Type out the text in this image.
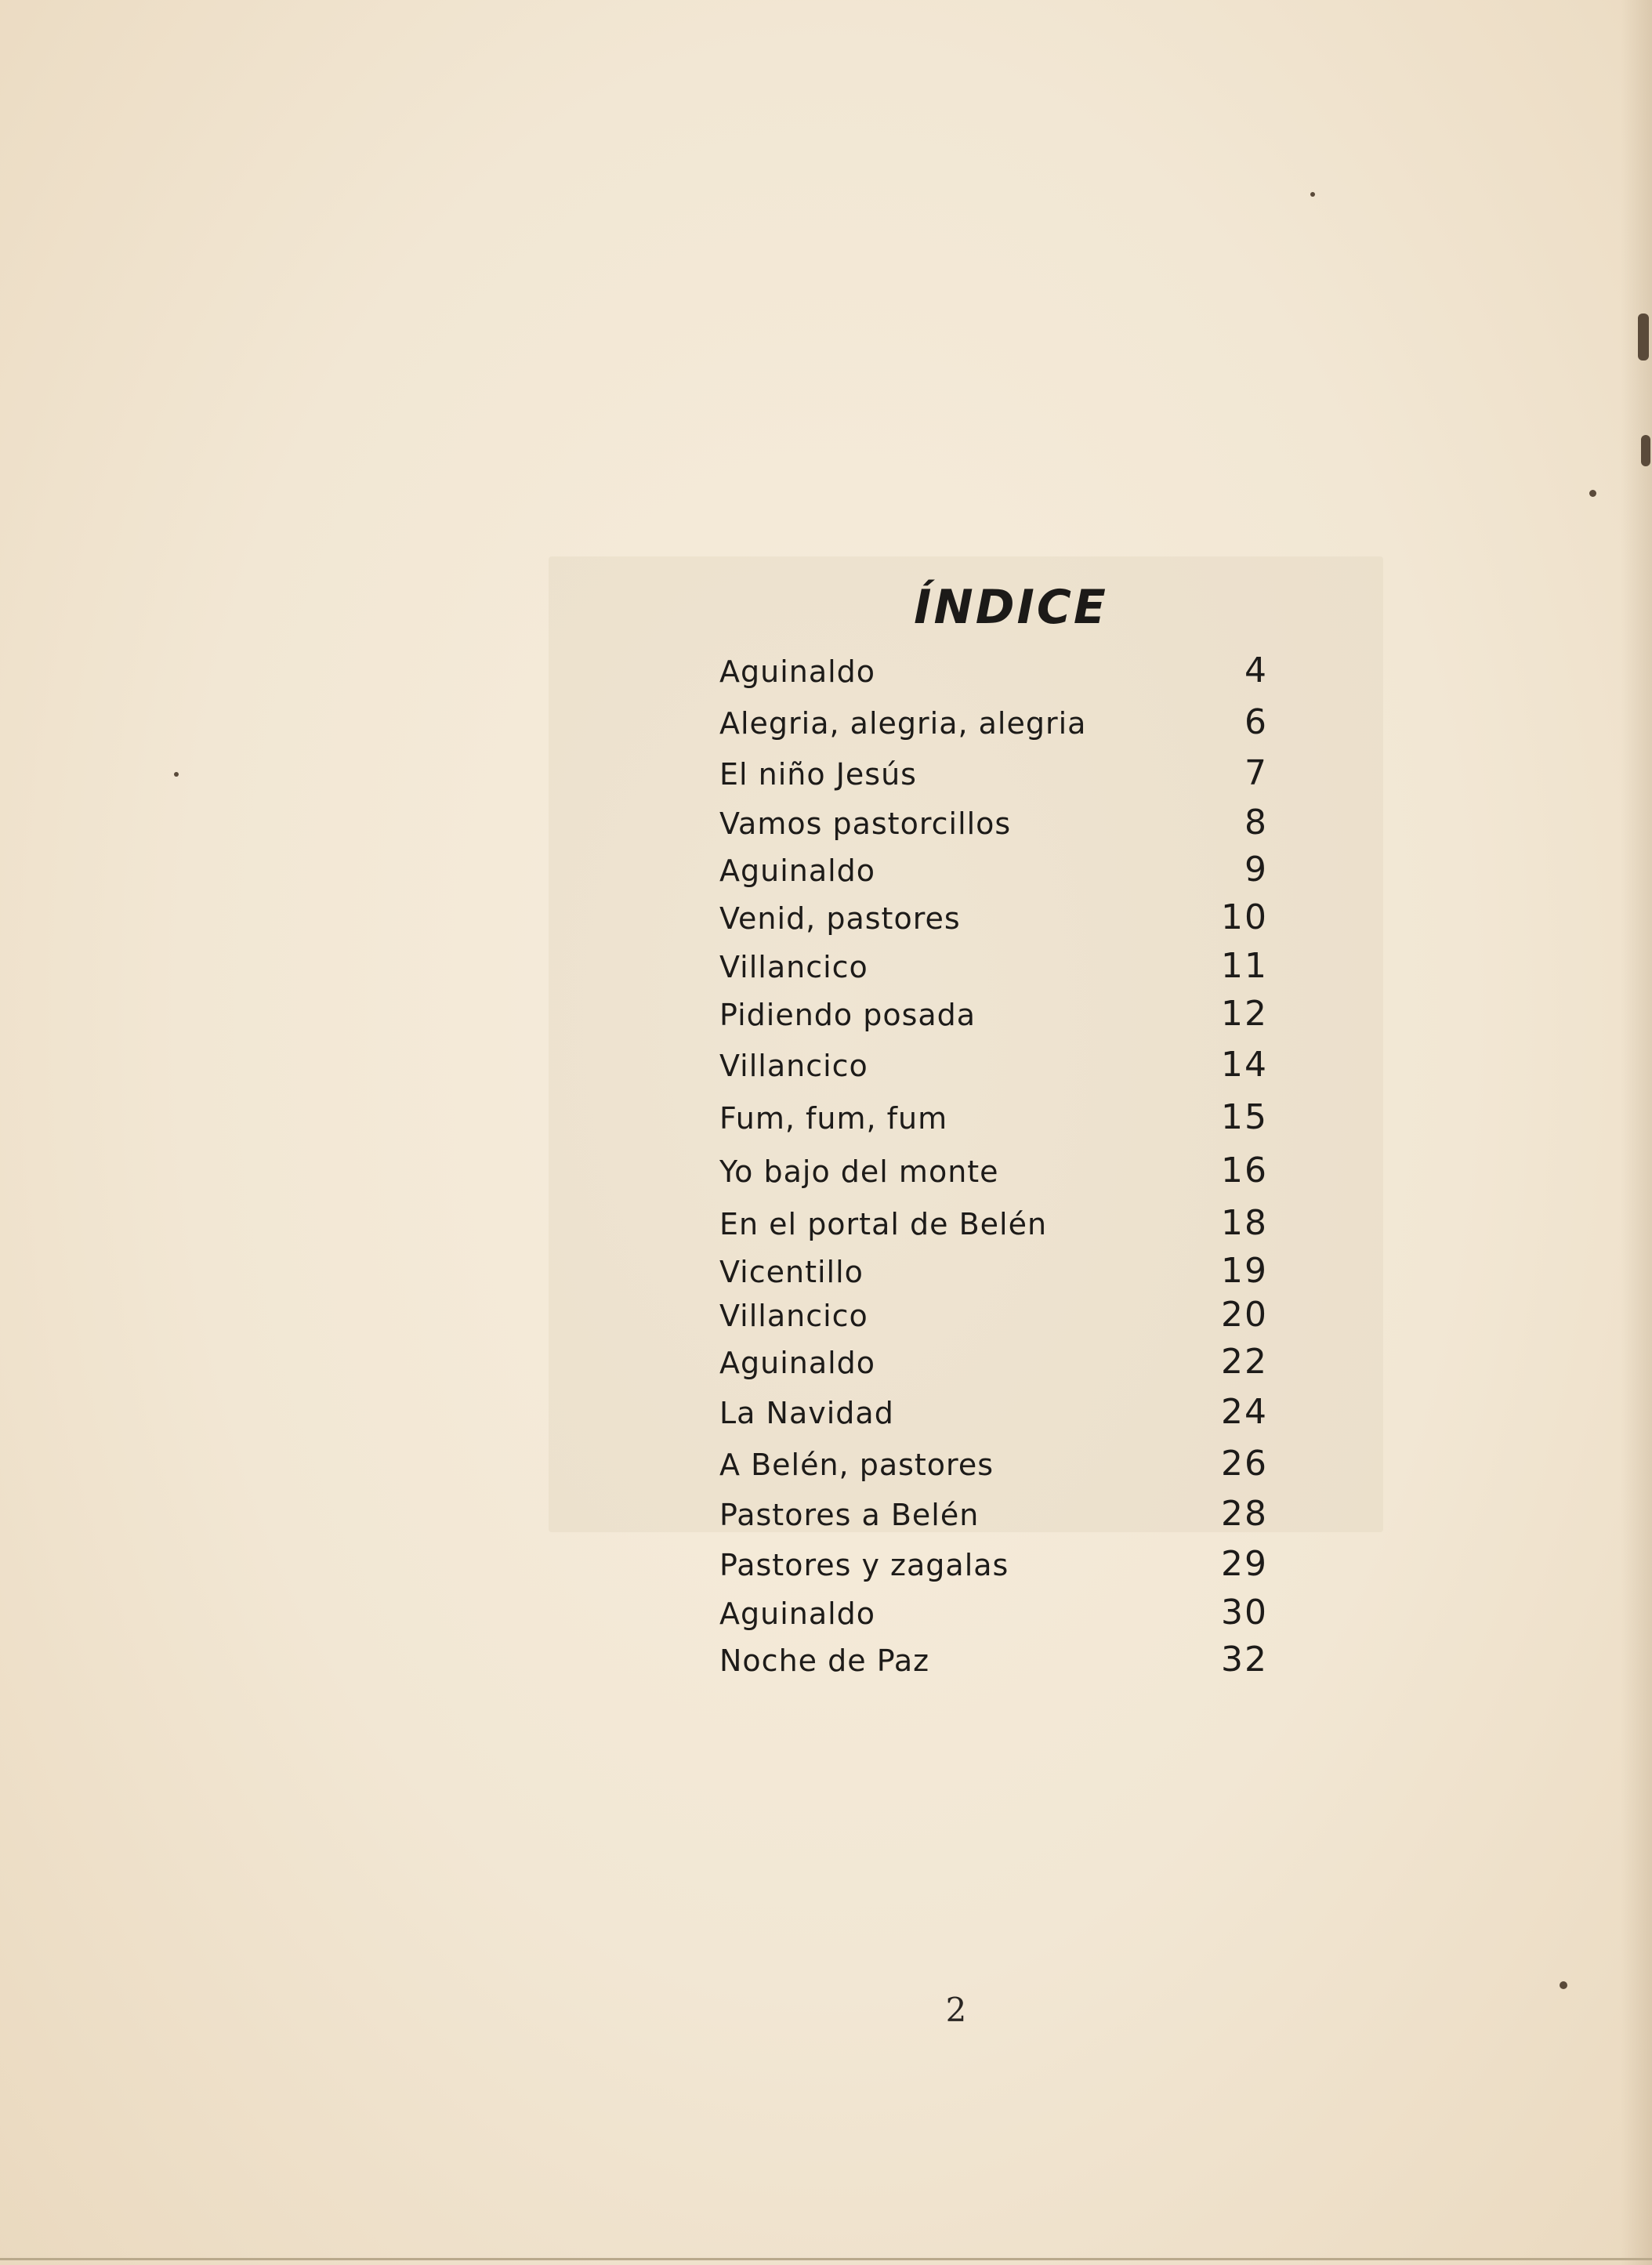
ÍNDICE
Aguinaldo	4
Alegria, alegria, alegria	6
El niño Jesús	7
Vamos pastorcillos	8
Aguinaldo	9
Venid, pastores	10
Villancico	11
Pidiendo posada	12
Villancico	14
Fum, fum, fum	15
Yo bajo del monte	16
En el portal de Belén	18
Vicentillo	19
Villancico	20
Aguinaldo	22
La Navidad	24
A Belén, pastores	26
Pastores a Belén	28
Pastores y zagalas	29
Aguinaldo	30
Noche de Paz	32
2
